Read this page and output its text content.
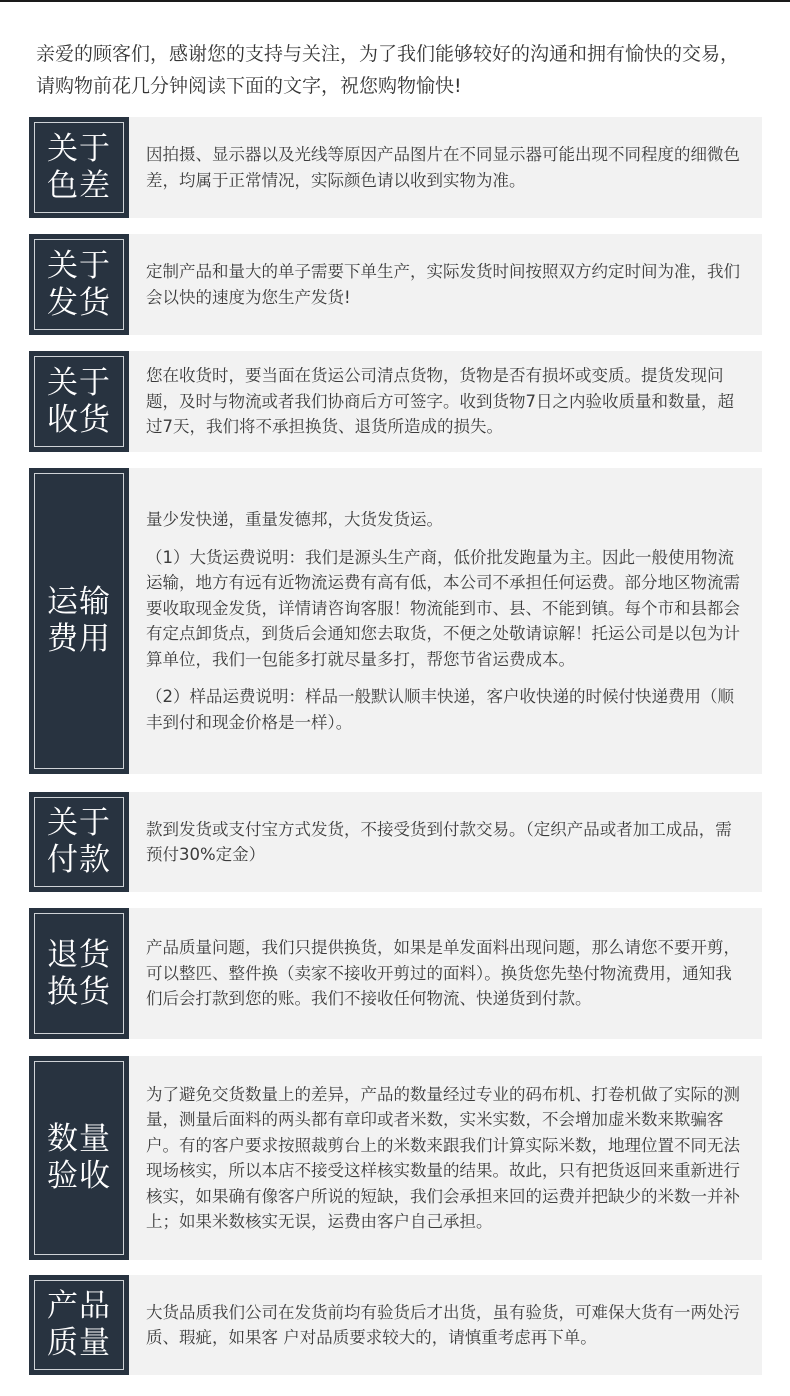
亲爱的顾客们，感谢您的支持与关注，为了我们能够较好的沟通和拥有愉快的交易，

请购物前花几分钟阅读下面的文字，祝您购物愉快!

关于
色差

因拍摄、显示器以及光线等原因产品图片在不同显示器可能出现不同程度的细微色差，均属于正常情况，实际颜色请以收到实物为准。

关于
发货

定制产品和量大的单子需要下单生产，实际发货时间按照双方约定时间为准，我们会以快的速度为您生产发货!

关于
收货

您在收货时，要当面在货运公司清点货物，货物是否有损坏或变质。提货发现问题，及时与物流或者我们协商后方可签字。收到货物7日之内验收质量和数量，超过7天，我们将不承担换货、退货所造成的损失。

运输
费用

量少发快递，重量发德邦，大货发货运。

（1）大货运费说明：我们是源头生产商，低价批发跑量为主。因此一般使用物流运输，地方有远有近物流运费有高有低，本公司不承担任何运费。部分地区物流需要收取现金发货，详情请咨询客服！物流能到市、县、不能到镇。每个市和县都会有定点卸货点，到货后会通知您去取货，不便之处敬请谅解！托运公司是以包为计算单位，我们一包能多打就尽量多打，帮您节省运费成本。

（2）样品运费说明：样品一般默认顺丰快递，客户收快递的时候付快递费用（顺丰到付和现金价格是一样）。

关于
付款

款到发货或支付宝方式发货，不接受货到付款交易。（定织产品或者加工成品，需预付30%定金）

退货
换货

产品质量问题，我们只提供换货，如果是单发面料出现问题，那么请您不要开剪，可以整匹、整件换（卖家不接收开剪过的面料）。换货您先垫付物流费用，通知我们后会打款到您的账。我们不接收任何物流、快递货到付款。

数量
验收

为了避免交货数量上的差异，产品的数量经过专业的码布机、打卷机做了实际的测量，测量后面料的两头都有章印或者米数，实米实数，不会增加虚米数来欺骗客户。有的客户要求按照裁剪台上的米数来跟我们计算实际米数，地理位置不同无法现场核实，所以本店不接受这样核实数量的结果。故此，只有把货返回来重新进行核实，如果确有像客户所说的短缺，我们会承担来回的运费并把缺少的米数一并补上；如果米数核实无误，运费由客户自己承担。

产品
质量

大货品质我们公司在发货前均有验货后才出货，虽有验货，可难保大货有一两处污质、瑕疵，如果客 户对品质要求较大的，请慎重考虑再下单。
